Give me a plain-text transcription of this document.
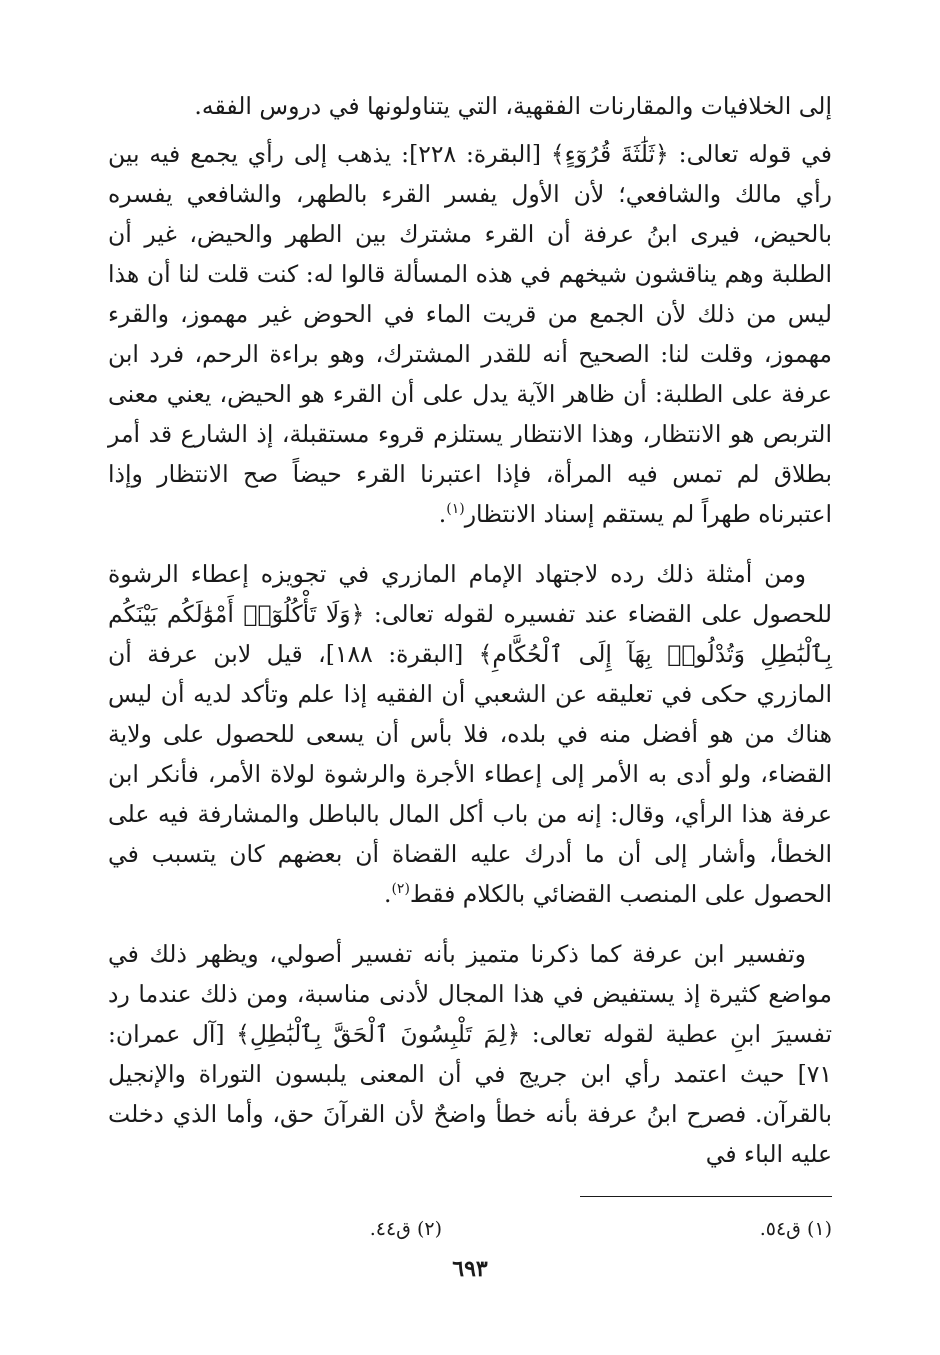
إلى الخلافيات والمقارنات الفقهية، التي يتناولونها في دروس الفقه.

في قوله تعالى: ﴿ثَلَٰثَةَ قُرُوٓءٍ﴾ [البقرة: ٢٢٨]: يذهب إلى رأي يجمع فيه بين رأي مالك والشافعي؛ لأن الأول يفسر القرء بالطهر، والشافعي يفسره بالحيض، فيرى ابنُ عرفة أن القرء مشترك بين الطهر والحيض، غير أن الطلبة وهم يناقشون شيخهم في هذه المسألة قالوا له: كنت قلت لنا أن هذا ليس من ذلك لأن الجمع من قريت الماء في الحوض غير مهموز، والقرء مهموز، وقلت لنا: الصحيح أنه للقدر المشترك، وهو براءة الرحم، فرد ابن عرفة على الطلبة: أن ظاهر الآية يدل على أن القرء هو الحيض، يعني معنى التربص هو الانتظار، وهذا الانتظار يستلزم قروء مستقبلة، إذ الشارع قد أمر بطلاق لم تمس فيه المرأة، فإذا اعتبرنا القرء حيضاً صح الانتظار وإذا اعتبرناه طهراً لم يستقم إسناد الانتظار$^{(١)}$.

ومن أمثلة ذلك رده لاجتهاد الإمام المازري في تجويزه إعطاء الرشوة للحصول على القضاء عند تفسيره لقوله تعالى: ﴿وَلَا تَأْكُلُوٓا۟ أَمْوَٰلَكُم بَيْنَكُم بِٱلْبَٰطِلِ وَتُدْلُوا۟ بِهَآ إِلَى ٱلْحُكَّامِ﴾ [البقرة: ١٨٨]، قيل لابن عرفة أن المازري حكى في تعليقه عن الشعبي أن الفقيه إذا علم وتأكد لديه أن ليس هناك من هو أفضل منه في بلده، فلا بأس أن يسعى للحصول على ولاية القضاء، ولو أدى به الأمر إلى إعطاء الأجرة والرشوة لولاة الأمر، فأنكر ابن عرفة هذا الرأي، وقال: إنه من باب أكل المال بالباطل والمشارفة فيه على الخطأ، وأشار إلى أن ما أدرك عليه القضاة أن بعضهم كان يتسبب في الحصول على المنصب القضائي بالكلام فقط$^{(٢)}$.

وتفسير ابن عرفة كما ذكرنا متميز بأنه تفسير أصولي، ويظهر ذلك في مواضع كثيرة إذ يستفيض في هذا المجال لأدنى مناسبة، ومن ذلك عندما رد تفسيرَ ابنِ عطية لقوله تعالى: ﴿لِمَ تَلْبِسُونَ ٱلْحَقَّ بِٱلْبَٰطِلِ﴾ [آل عمران: ٧١] حيث اعتمد رأي ابن جريج في أن المعنى يلبسون التوراة والإنجيل بالقرآن. فصرح ابنُ عرفة بأنه خطأ واضحٌ لأن القرآنَ حق، وأما الذي دخلت عليه الباء في

(١) ق٥٤.
(٢) ق٤٤.
٦٩٣
